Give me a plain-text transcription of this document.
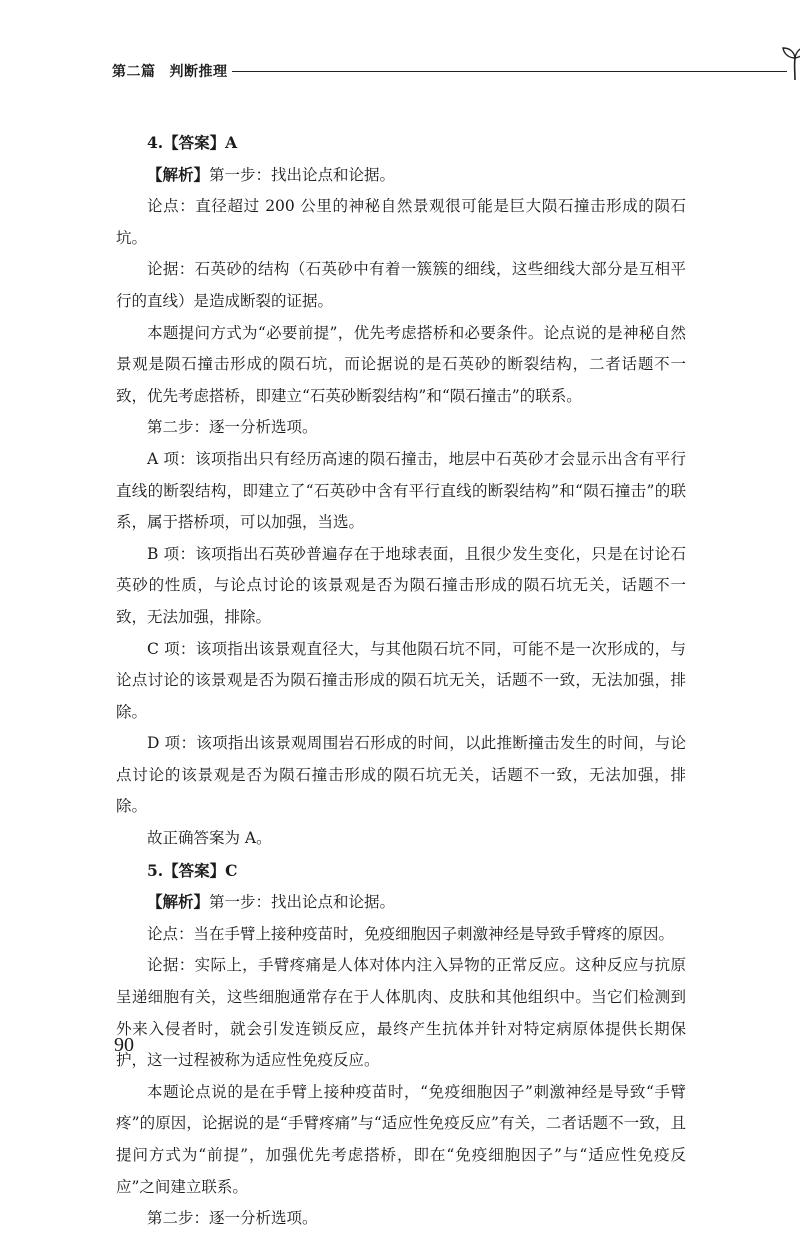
第二篇 判断推理

4.【答案】A

【解析】第一步：找出论点和论据。

论点：直径超过 200 公里的神秘自然景观很可能是巨大陨石撞击形成的陨石坑。

论据：石英砂的结构（石英砂中有着一簇簇的细线，这些细线大部分是互相平行的直线）是造成断裂的证据。

本题提问方式为“必要前提”，优先考虑搭桥和必要条件。论点说的是神秘自然景观是陨石撞击形成的陨石坑，而论据说的是石英砂的断裂结构，二者话题不一致，优先考虑搭桥，即建立“石英砂断裂结构”和“陨石撞击”的联系。

第二步：逐一分析选项。

A 项：该项指出只有经历高速的陨石撞击，地层中石英砂才会显示出含有平行直线的断裂结构，即建立了“石英砂中含有平行直线的断裂结构”和“陨石撞击”的联系，属于搭桥项，可以加强，当选。

B 项：该项指出石英砂普遍存在于地球表面，且很少发生变化，只是在讨论石英砂的性质，与论点讨论的该景观是否为陨石撞击形成的陨石坑无关，话题不一致，无法加强，排除。

C 项：该项指出该景观直径大，与其他陨石坑不同，可能不是一次形成的，与论点讨论的该景观是否为陨石撞击形成的陨石坑无关，话题不一致，无法加强，排除。

D 项：该项指出该景观周围岩石形成的时间，以此推断撞击发生的时间，与论点讨论的该景观是否为陨石撞击形成的陨石坑无关，话题不一致，无法加强，排除。

故正确答案为 A。

5.【答案】C

【解析】第一步：找出论点和论据。

论点：当在手臂上接种疫苗时，免疫细胞因子刺激神经是导致手臂疼的原因。

论据：实际上，手臂疼痛是人体对体内注入异物的正常反应。这种反应与抗原呈递细胞有关，这些细胞通常存在于人体肌肉、皮肤和其他组织中。当它们检测到外来入侵者时，就会引发连锁反应，最终产生抗体并针对特定病原体提供长期保护，这一过程被称为适应性免疫反应。

本题论点说的是在手臂上接种疫苗时，“免疫细胞因子”刺激神经是导致“手臂疼”的原因，论据说的是“手臂疼痛”与“适应性免疫反应”有关，二者话题不一致，且提问方式为“前提”，加强优先考虑搭桥，即在“免疫细胞因子”与“适应性免疫反应”之间建立联系。

第二步：逐一分析选项。

90
